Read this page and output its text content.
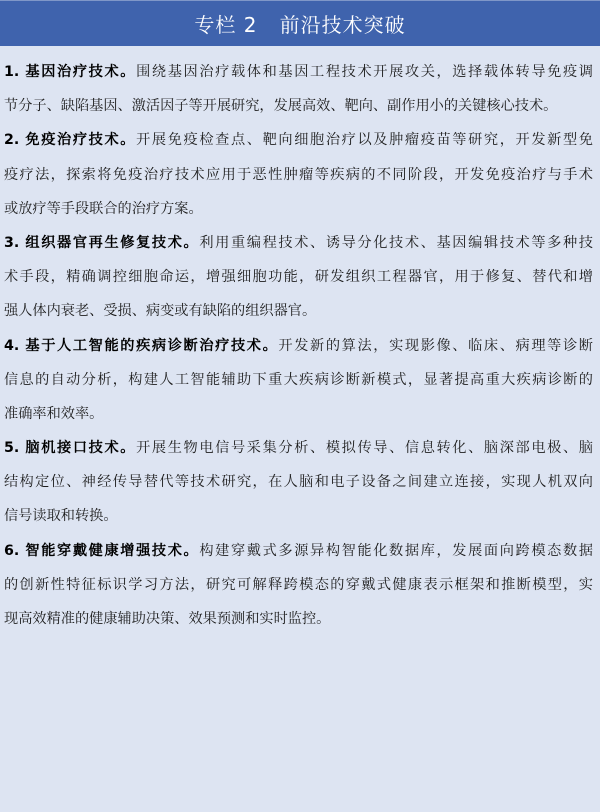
专栏 2
前沿技术突破
1. 基因治疗技术。围绕基因治疗载体和基因工程技术开展攻关，选择载体转导免疫调
节分子、缺陷基因、激活因子等开展研究，发展高效、靶向、副作用小的关键核心技术。
2. 免疫治疗技术。开展免疫检查点、靶向细胞治疗以及肿瘤疫苗等研究，开发新型免
疫疗法，探索将免疫治疗技术应用于恶性肿瘤等疾病的不同阶段，开发免疫治疗与手术
或放疗等手段联合的治疗方案。
3. 组织器官再生修复技术。利用重编程技术、诱导分化技术、基因编辑技术等多种技
术手段，精确调控细胞命运，增强细胞功能，研发组织工程器官，用于修复、替代和增
强人体内衰老、受损、病变或有缺陷的组织器官。
4. 基于人工智能的疾病诊断治疗技术。开发新的算法，实现影像、临床、病理等诊断
信息的自动分析，构建人工智能辅助下重大疾病诊断新模式，显著提高重大疾病诊断的
准确率和效率。
5. 脑机接口技术。开展生物电信号采集分析、模拟传导、信息转化、脑深部电极、脑
结构定位、神经传导替代等技术研究，在人脑和电子设备之间建立连接，实现人机双向
信号读取和转换。
6. 智能穿戴健康增强技术。构建穿戴式多源异构智能化数据库，发展面向跨模态数据
的创新性特征标识学习方法，研究可解释跨模态的穿戴式健康表示框架和推断模型，实
现高效精准的健康辅助决策、效果预测和实时监控。
